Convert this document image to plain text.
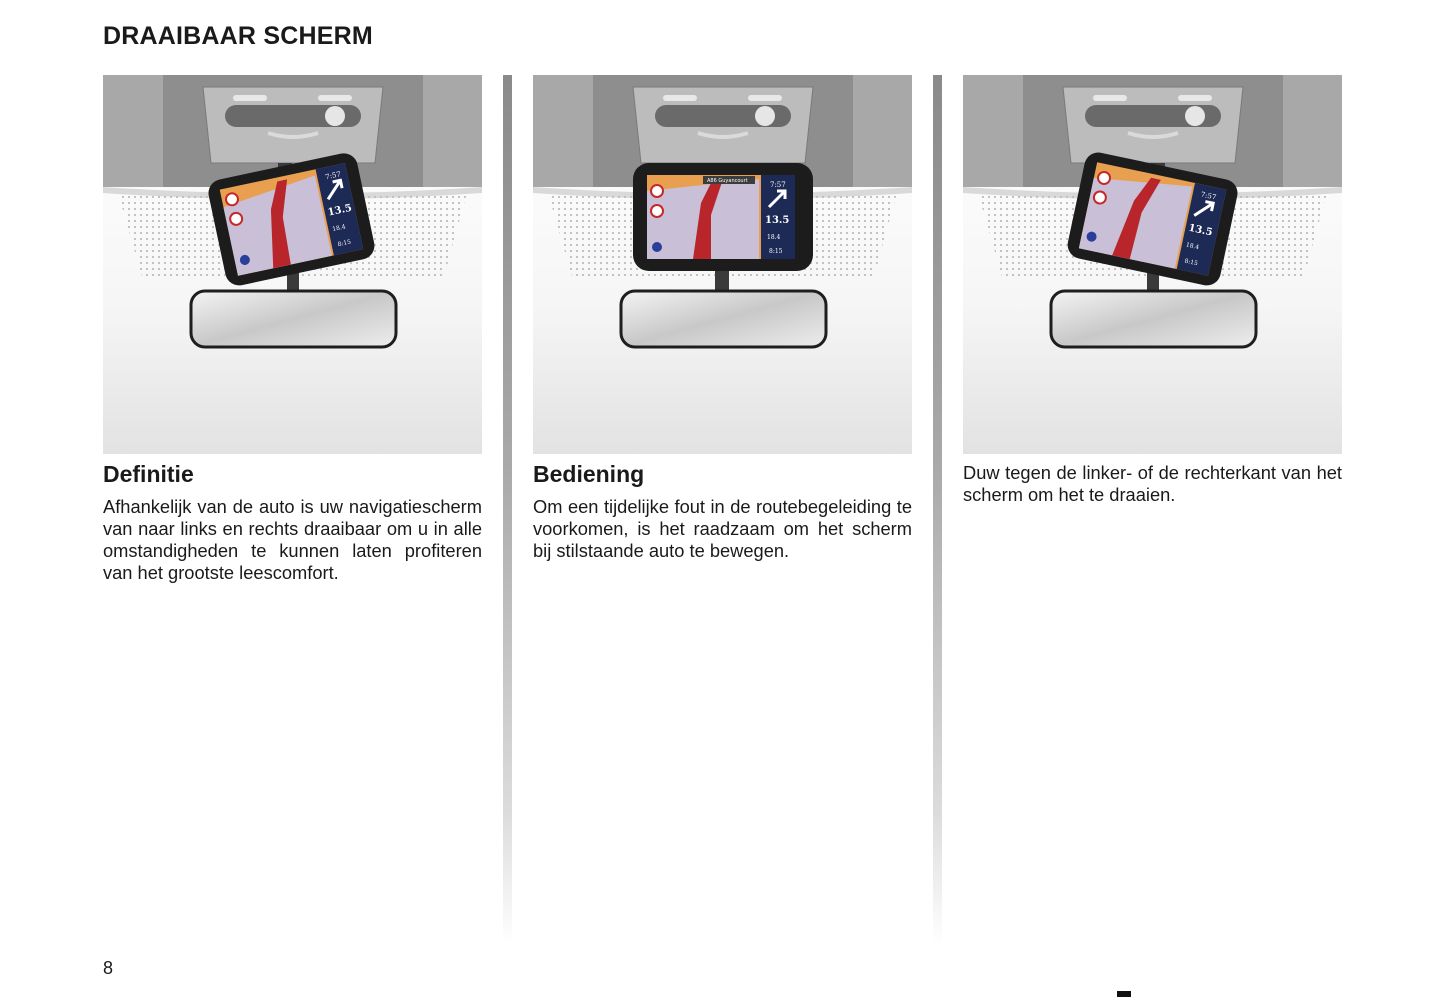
DRAAIBAAR SCHERM
7:57
13.5
18.4
8:15
Definitie

Afhankelijk van de auto is uw navigatiescherm van naar links en rechts draaibaar om u in alle omstandigheden te kunnen laten profiteren van het grootste leescomfort.

7:57
13.5
18.4
8:15
A86 Guyancourt
Bediening

Om een tijdelijke fout in de routebegeleiding te voorkomen, is het raadzaam om het scherm bij stilstaande auto te bewegen.

7:57
13.5
18.4
8:15

Duw tegen de linker- of de rechterkant van het scherm om het te draaien.

8
